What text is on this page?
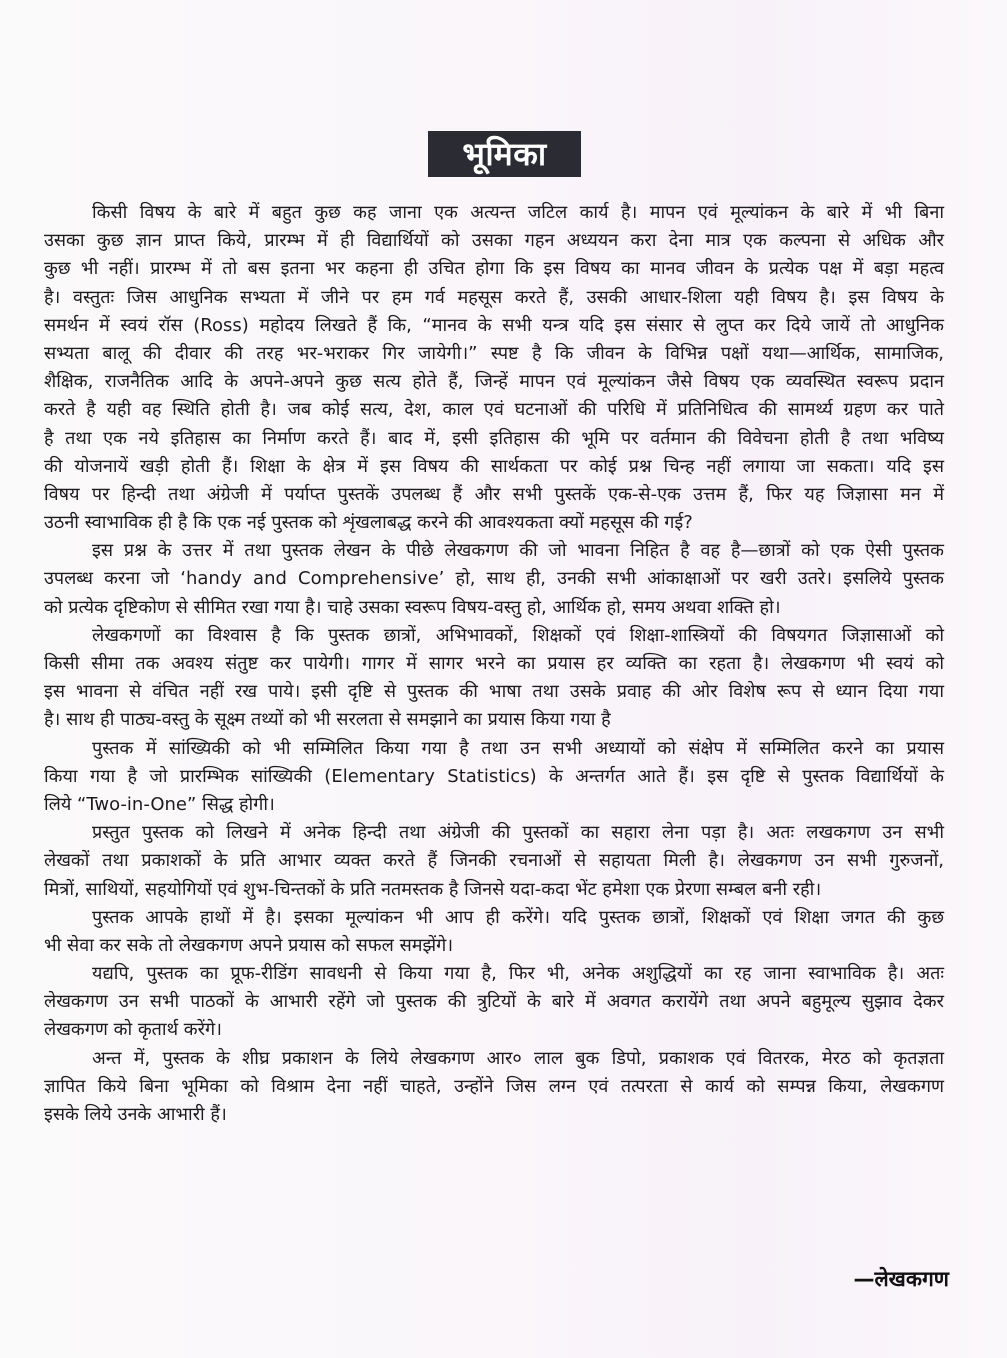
भूमिका
किसी विषय के बारे में बहुत कुछ कह जाना एक अत्यन्त जटिल कार्य है। मापन एवं मूल्यांकन के बारे में भी बिना
उसका कुछ ज्ञान प्राप्त किये, प्रारम्भ में ही विद्यार्थियों को उसका गहन अध्ययन करा देना मात्र एक कल्पना से अधिक और
कुछ भी नहीं। प्रारम्भ में तो बस इतना भर कहना ही उचित होगा कि इस विषय का मानव जीवन के प्रत्येक पक्ष में बड़ा महत्व
है। वस्तुतः जिस आधुनिक सभ्यता में जीने पर हम गर्व महसूस करते हैं, उसकी आधार-शिला यही विषय है। इस विषय के
समर्थन में स्वयं रॉस (Ross) महोदय लिखते हैं कि, “मानव के सभी यन्त्र यदि इस संसार से लुप्त कर दिये जायें तो आधुनिक
सभ्यता बालू की दीवार की तरह भर-भराकर गिर जायेगी।” स्पष्ट है कि जीवन के विभिन्न पक्षों यथा—आर्थिक, सामाजिक,
शैक्षिक, राजनैतिक आदि के अपने-अपने कुछ सत्य होते हैं, जिन्हें मापन एवं मूल्यांकन जैसे विषय एक व्यवस्थित स्वरूप प्रदान
करते है यही वह स्थिति होती है। जब कोई सत्य, देश, काल एवं घटनाओं की परिधि में प्रतिनिधित्व की सामर्थ्य ग्रहण कर पाते
है तथा एक नये इतिहास का निर्माण करते हैं। बाद में, इसी इतिहास की भूमि पर वर्तमान की विवेचना होती है तथा भविष्य
की योजनायें खड़ी होती हैं। शिक्षा के क्षेत्र में इस विषय की सार्थकता पर कोई प्रश्न चिन्ह नहीं लगाया जा सकता। यदि इस
विषय पर हिन्दी तथा अंग्रेजी में पर्याप्त पुस्तकें उपलब्ध हैं और सभी पुस्तकें एक-से-एक उत्तम हैं, फिर यह जिज्ञासा मन में
उठनी स्वाभाविक ही है कि एक नई पुस्तक को शृंखलाबद्ध करने की आवश्यकता क्यों महसूस की गई?
इस प्रश्न के उत्तर में तथा पुस्तक लेखन के पीछे लेखकगण की जो भावना निहित है वह है—छात्रों को एक ऐसी पुस्तक
उपलब्ध करना जो ‘handy and Comprehensive’ हो, साथ ही, उनकी सभी आंकाक्षाओं पर खरी उतरे। इसलिये पुस्तक
को प्रत्येक दृष्टिकोण से सीमित रखा गया है। चाहे उसका स्वरूप विषय-वस्तु हो, आर्थिक हो, समय अथवा शक्ति हो।
लेखकगणों का विश्वास है कि पुस्तक छात्रों, अभिभावकों, शिक्षकों एवं शिक्षा-शास्त्रियों की विषयगत जिज्ञासाओं को
किसी सीमा तक अवश्य संतुष्ट कर पायेगी। गागर में सागर भरने का प्रयास हर व्यक्ति का रहता है। लेखकगण भी स्वयं को
इस भावना से वंचित नहीं रख पाये। इसी दृष्टि से पुस्तक की भाषा तथा उसके प्रवाह की ओर विशेष रूप से ध्यान दिया गया
है। साथ ही पाठ्य-वस्तु के सूक्ष्म तथ्यों को भी सरलता से समझाने का प्रयास किया गया है
पुस्तक में सांख्यिकी को भी सम्मिलित किया गया है तथा उन सभी अध्यायों को संक्षेप में सम्मिलित करने का प्रयास
किया गया है जो प्रारम्भिक सांख्यिकी (Elementary Statistics) के अन्तर्गत आते हैं। इस दृष्टि से पुस्तक विद्यार्थियों के
लिये “Two-in-One” सिद्ध होगी।
प्रस्तुत पुस्तक को लिखने में अनेक हिन्दी तथा अंग्रेजी की पुस्तकों का सहारा लेना पड़ा है। अतः लखकगण उन सभी
लेखकों तथा प्रकाशकों के प्रति आभार व्यक्त करते हैं जिनकी रचनाओं से सहायता मिली है। लेखकगण उन सभी गुरुजनों,
मित्रों, साथियों, सहयोगियों एवं शुभ-चिन्तकों के प्रति नतमस्तक है जिनसे यदा-कदा भेंट हमेशा एक प्रेरणा सम्बल बनी रही।
पुस्तक आपके हाथों में है। इसका मूल्यांकन भी आप ही करेंगे। यदि पुस्तक छात्रों, शिक्षकों एवं शिक्षा जगत की कुछ
भी सेवा कर सके तो लेखकगण अपने प्रयास को सफल समझेंगे।
यद्यपि, पुस्तक का प्रूफ-रीडिंग सावधनी से किया गया है, फिर भी, अनेक अशुद्धियों का रह जाना स्वाभाविक है। अतः
लेखकगण उन सभी पाठकों के आभारी रहेंगे जो पुस्तक की त्रुटियों के बारे में अवगत करायेंगे तथा अपने बहुमूल्य सुझाव देकर
लेखकगण को कृतार्थ करेंगे।
अन्त में, पुस्तक के शीघ्र प्रकाशन के लिये लेखकगण आर० लाल बुक डिपो, प्रकाशक एवं वितरक, मेरठ को कृतज्ञता
ज्ञापित किये बिना भूमिका को विश्राम देना नहीं चाहते, उन्होंने जिस लग्न एवं तत्परता से कार्य को सम्पन्न किया, लेखकगण
इसके लिये उनके आभारी हैं।
—लेखकगण
